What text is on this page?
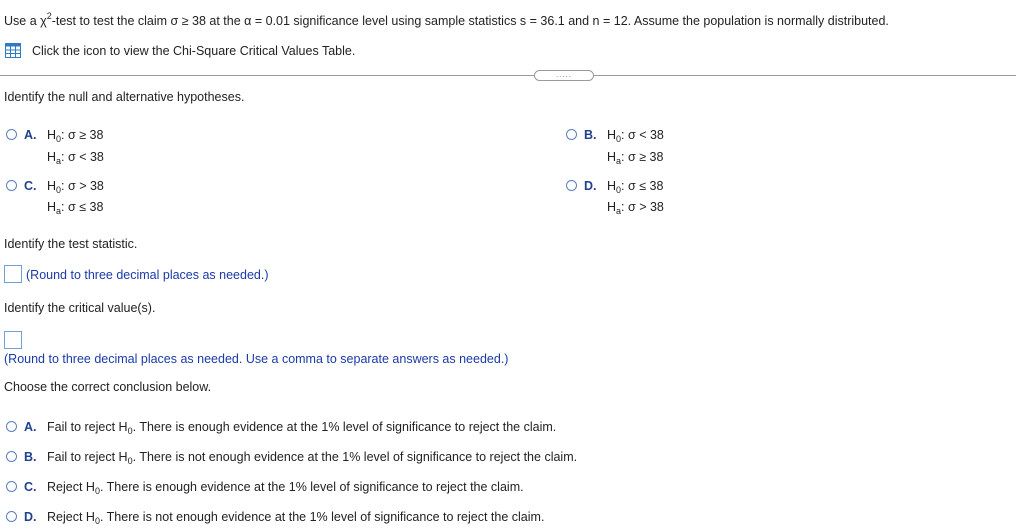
Use a $\chi^2$-test to test the claim σ ≥ 38 at the α = 0.01 significance level using sample statistics s = 36.1 and n = 12. Assume the population is normally distributed.
Click the icon to view the Chi-Square Critical Values Table.
.....
Identify the null and alternative hypotheses.
A. $H_0$: σ ≥ 38
$H_a$: σ < 38
B. $H_0$: σ < 38
$H_a$: σ ≥ 38
C. $H_0$: σ > 38
$H_a$: σ ≤ 38
D. $H_0$: σ ≤ 38
$H_a$: σ > 38
Identify the test statistic.
(Round to three decimal places as needed.)
Identify the critical value(s).
(Round to three decimal places as needed. Use a comma to separate answers as needed.)
Choose the correct conclusion below.
A. Fail to reject $H_0$. There is enough evidence at the 1% level of significance to reject the claim.
B. Fail to reject $H_0$. There is not enough evidence at the 1% level of significance to reject the claim.
C. Reject $H_0$. There is enough evidence at the 1% level of significance to reject the claim.
D. Reject $H_0$. There is not enough evidence at the 1% level of significance to reject the claim.
